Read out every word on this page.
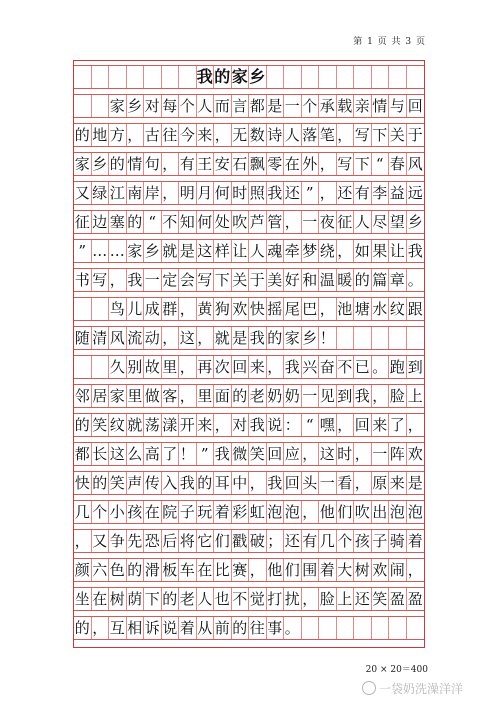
第 1 页 共 3 页
我 的 家 乡
家 乡 对 每 个 人 而 言 都 是 一 个 承 载 亲 情 与 回
的 地 方 ， 古 往 今 来 ， 无 数 诗 人 落 笔 ， 写 下 关 于
家 乡 的 情 句 ， 有 王 安 石 飘 零 在 外 ， 写 下 “ 春 风
又 绿 江 南 岸 ， 明 月 何 时 照 我 还 ” ， 还 有 李 益 远
征 边 塞 的 “ 不 知 何 处 吹 芦 管 ， 一 夜 征 人 尽 望 乡
” … … 家 乡 就 是 这 样 让 人 魂 牵 梦 绕 ， 如 果 让 我
书 写 ， 我 一 定 会 写 下 关 于 美 好 和 温 暖 的 篇 章 。
鸟 儿 成 群 ， 黄 狗 欢 快 摇 尾 巴 ， 池 塘 水 纹 跟
随 清 风 流 动 ， 这 ， 就 是 我 的 家 乡 ！
久 别 故 里 ， 再 次 回 来 ， 我 兴 奋 不 已 。 跑 到
邻 居 家 里 做 客 ， 里 面 的 老 奶 奶 一 见 到 我 ， 脸 上
的 笑 纹 就 荡 漾 开 来 ， 对 我 说 ： “ 嘿 ， 回 来 了 ，
都 长 这 么 高 了 ！ ” 我 微 笑 回 应 ， 这 时 ， 一 阵 欢
快 的 笑 声 传 入 我 的 耳 中 ， 我 回 头 一 看 ， 原 来 是
几 个 小 孩 在 院 子 玩 着 彩 虹 泡 泡 ， 他 们 吹 出 泡 泡
， 又 争 先 恐 后 将 它 们 戳 破 ； 还 有 几 个 孩 子 骑 着
颜 六 色 的 滑 板 车 在 比 赛 ， 他 们 围 着 大 树 欢 闹 ，
坐 在 树 荫 下 的 老 人 也 不 觉 打 扰 ， 脸 上 还 笑 盈 盈
的 ， 互 相 诉 说 着 从 前 的 往 事 。
20 × 20＝400
一袋奶洗澡洋洋
